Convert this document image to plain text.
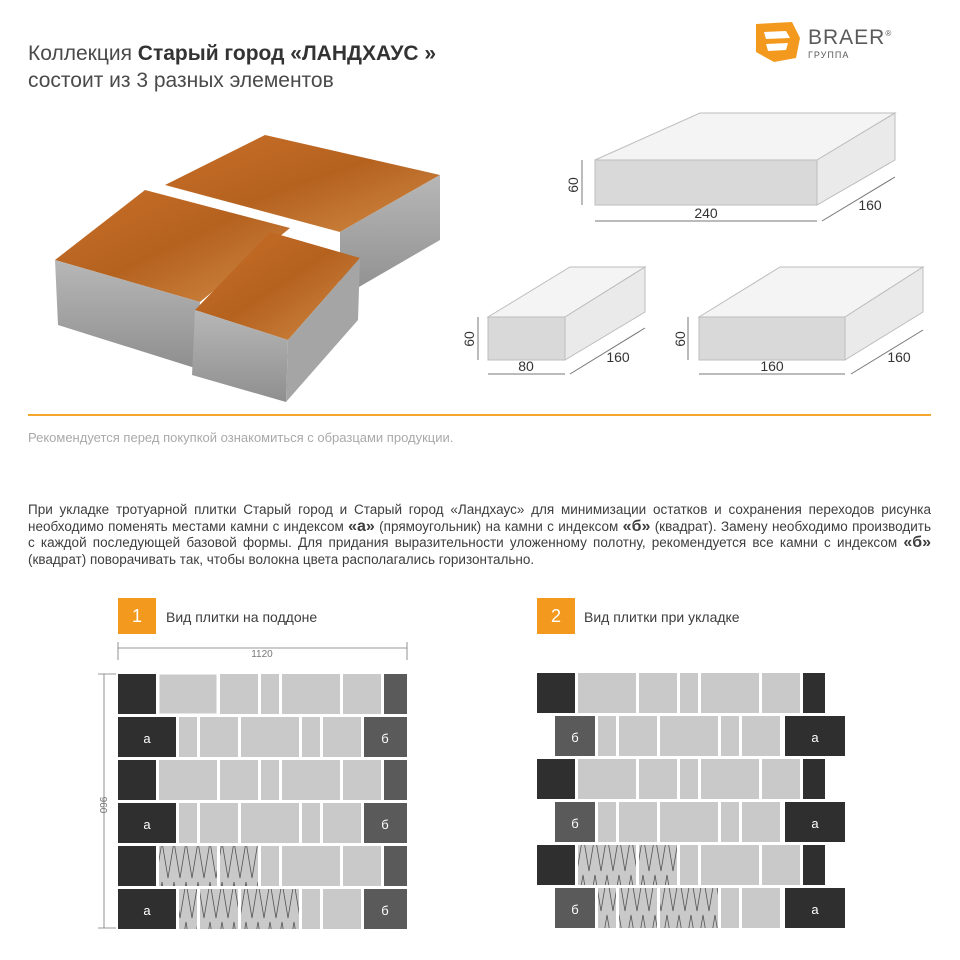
Коллекция Старый город «ЛАНДХАУС »
состоит из 3 разных элементов
BRAER®
ГРУППА
60
240	160
60
80
160
60
160
160
Рекомендуется перед покупкой ознакомиться с образцами продукции.
При укладке тротуарной плитки Старый город и Старый город «Ландхаус» для минимизации остатков и сохранения переходов рисунка необходимо поменять местами камни с индексом «а» (прямоугольник) на камни с индексом «б» (квадрат). Замену необходимо производить с каждой последующей базовой формы. Для придания выразительности уложенному полотну, рекомендуется все камни с индексом «б» (квадрат) поворачивать так, чтобы волокна цвета располагались горизонтально.
1	Вид плитки на поддоне	2	Вид плитки при укладке
1120
960
а	б
а	б
а	б
б	а
б	а
б	а
